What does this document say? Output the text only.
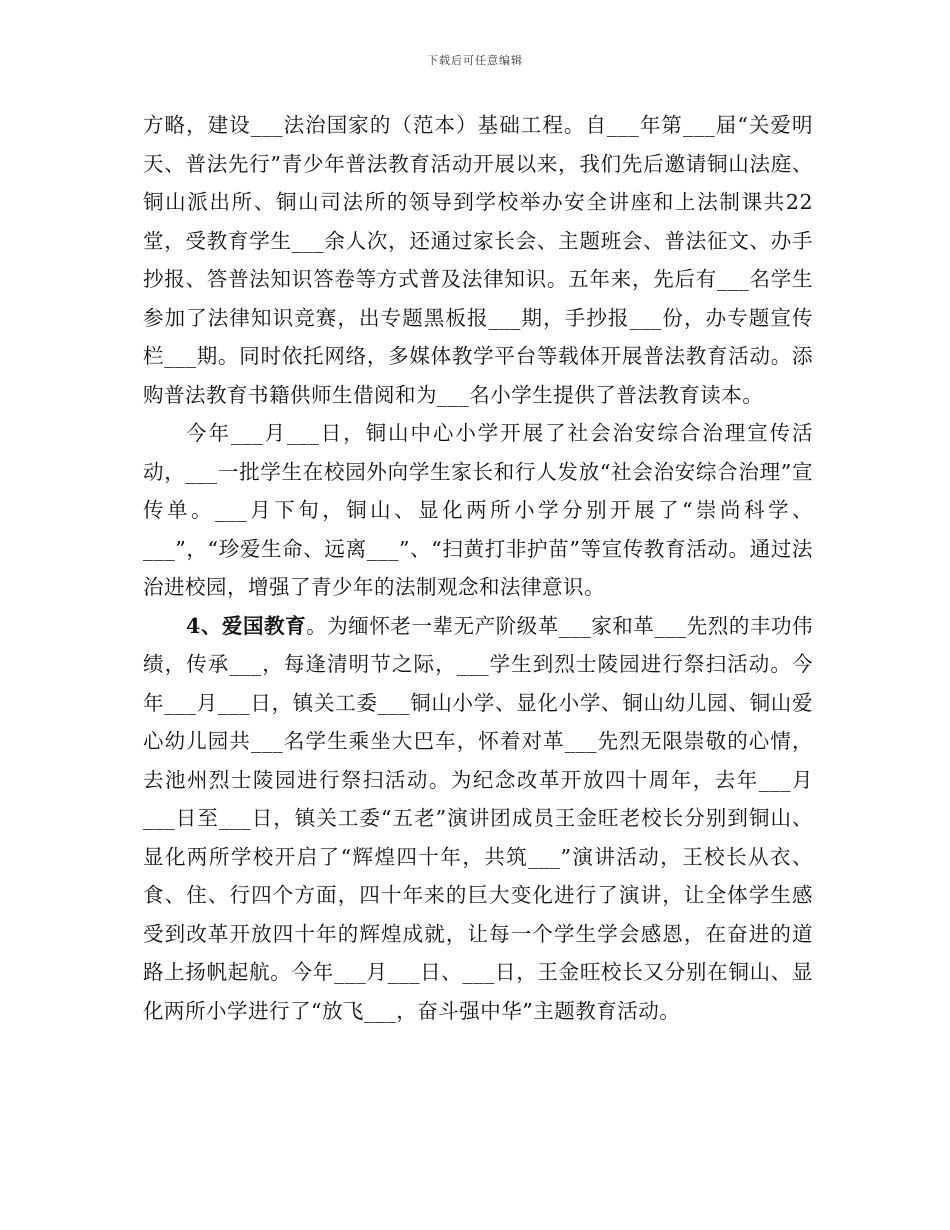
下载后可任意编辑

方略，建设___法治国家的（范本）基础工程。自___年第___届“关爱明天、普法先行”青少年普法教育活动开展以来，我们先后邀请铜山法庭、铜山派出所、铜山司法所的领导到学校举办安全讲座和上法制课共22堂，受教育学生___余人次，还通过家长会、主题班会、普法征文、办手抄报、答普法知识答卷等方式普及法律知识。五年来，先后有___名学生参加了法律知识竞赛，出专题黑板报___期，手抄报___份，办专题宣传栏___期。同时依托网络，多媒体教学平台等载体开展普法教育活动。添购普法教育书籍供师生借阅和为___名小学生提供了普法教育读本。

今年___月___日，铜山中心小学开展了社会治安综合治理宣传活动，___一批学生在校园外向学生家长和行人发放“社会治安综合治理”宣传单。___月下旬，铜山、显化两所小学分别开展了“崇尚科学、___”，“珍爱生命、远离___”、“扫黄打非护苗”等宣传教育活动。通过法治进校园，增强了青少年的法制观念和法律意识。

4、爱国教育。为缅怀老一辈无产阶级革___家和革___先烈的丰功伟绩，传承___，每逢清明节之际，___学生到烈士陵园进行祭扫活动。今年___月___日，镇关工委___铜山小学、显化小学、铜山幼儿园、铜山爱心幼儿园共___名学生乘坐大巴车，怀着对革___先烈无限崇敬的心情，去池州烈士陵园进行祭扫活动。为纪念改革开放四十周年，去年___月___日至___日，镇关工委“五老”演讲团成员王金旺老校长分别到铜山、显化两所学校开启了“辉煌四十年，共筑___”演讲活动，王校长从衣、食、住、行四个方面，四十年来的巨大变化进行了演讲，让全体学生感受到改革开放四十年的辉煌成就，让每一个学生学会感恩，在奋进的道路上扬帆起航。今年___月___日、___日，王金旺校长又分别在铜山、显化两所小学进行了“放飞___，奋斗强中华”主题教育活动。
